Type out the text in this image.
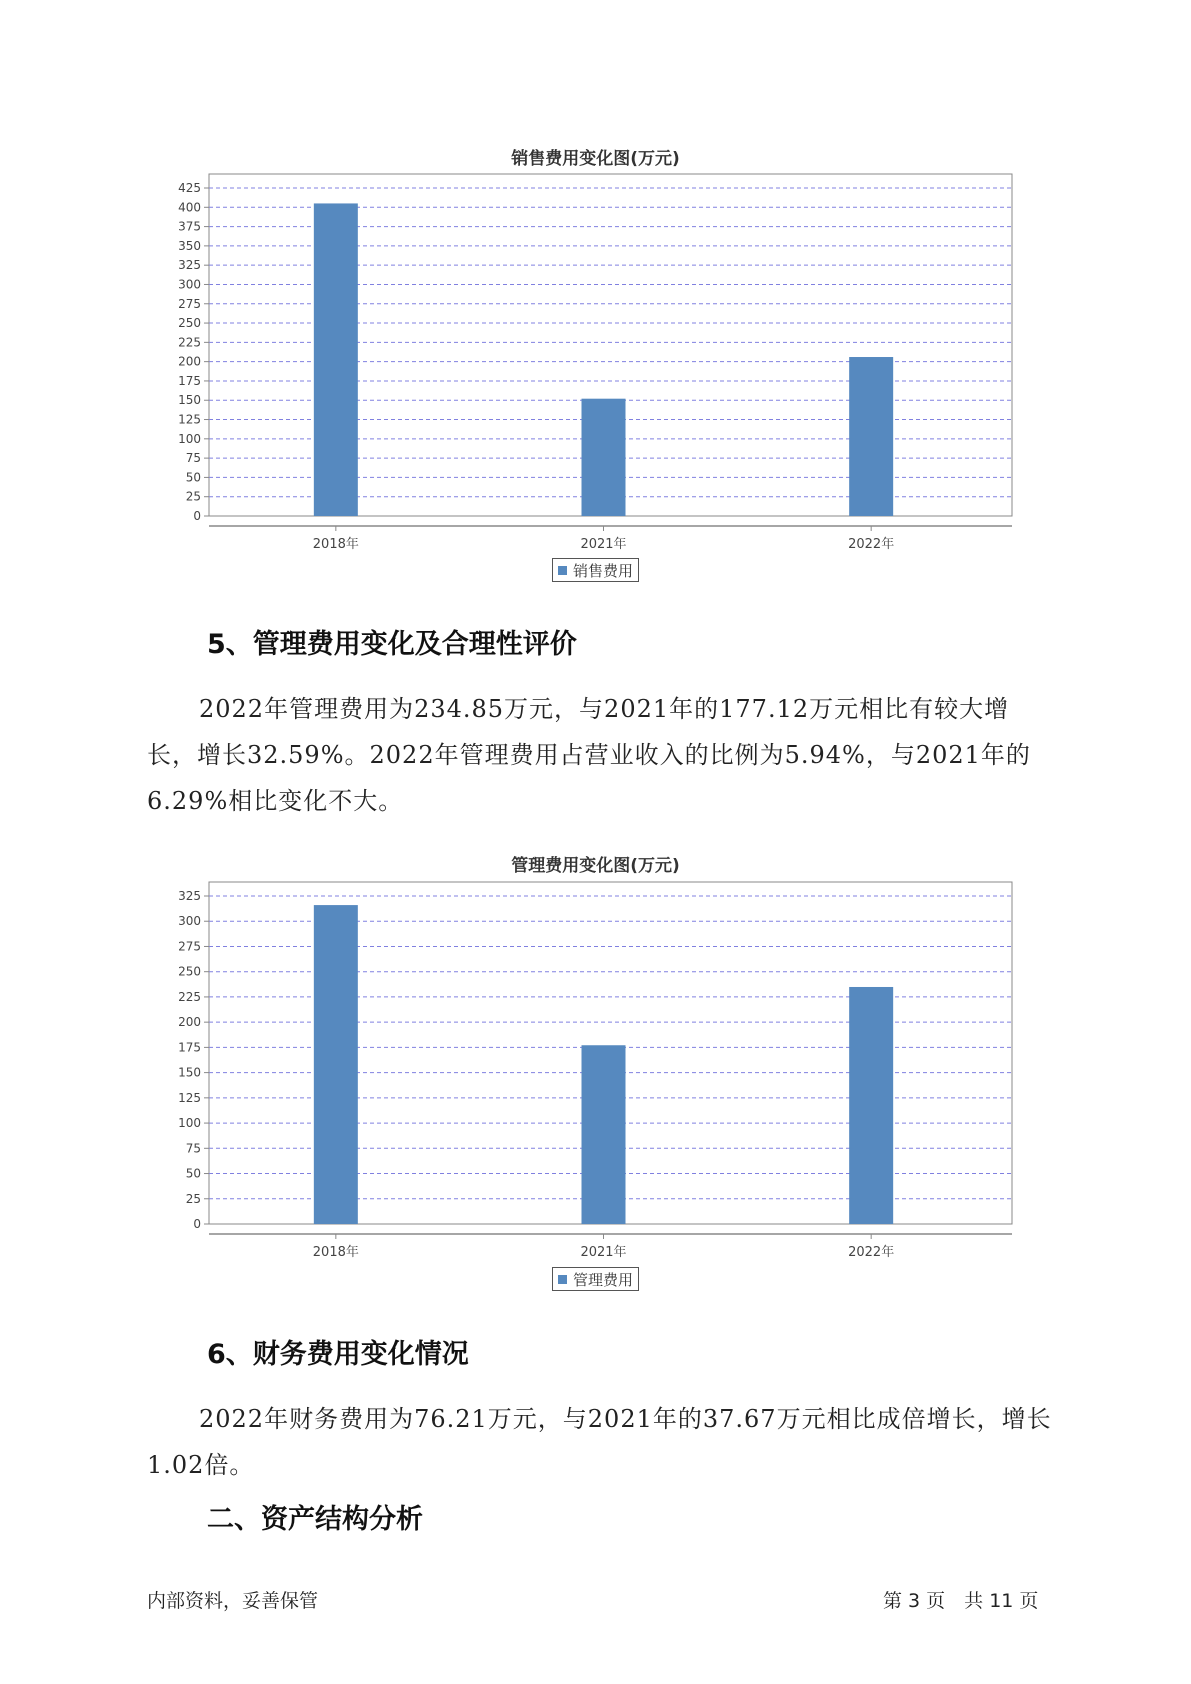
销售费用变化图(万元)
0
25
50
75
100
125
150
175
200
225
250
275
300
325
350
375
400
425
2018年	2021年	2022年
销售费用
5、管理费用变化及合理性评价

2022年管理费用为234.85万元，与2021年的177.12万元相比有较大增长，增长32.59%。2022年管理费用占营业收入的比例为5.94%，与2021年的6.29%相比变化不大。

管理费用变化图(万元)
0
25
50
75
100
125
150
175
200
225
250
275
300
325
2018年	2021年	2022年
管理费用
6、财务费用变化情况

2022年财务费用为76.21万元，与2021年的37.67万元相比成倍增长，增长1.02倍。

二、资产结构分析
内部资料，妥善保管	第 3 页　共 11 页
